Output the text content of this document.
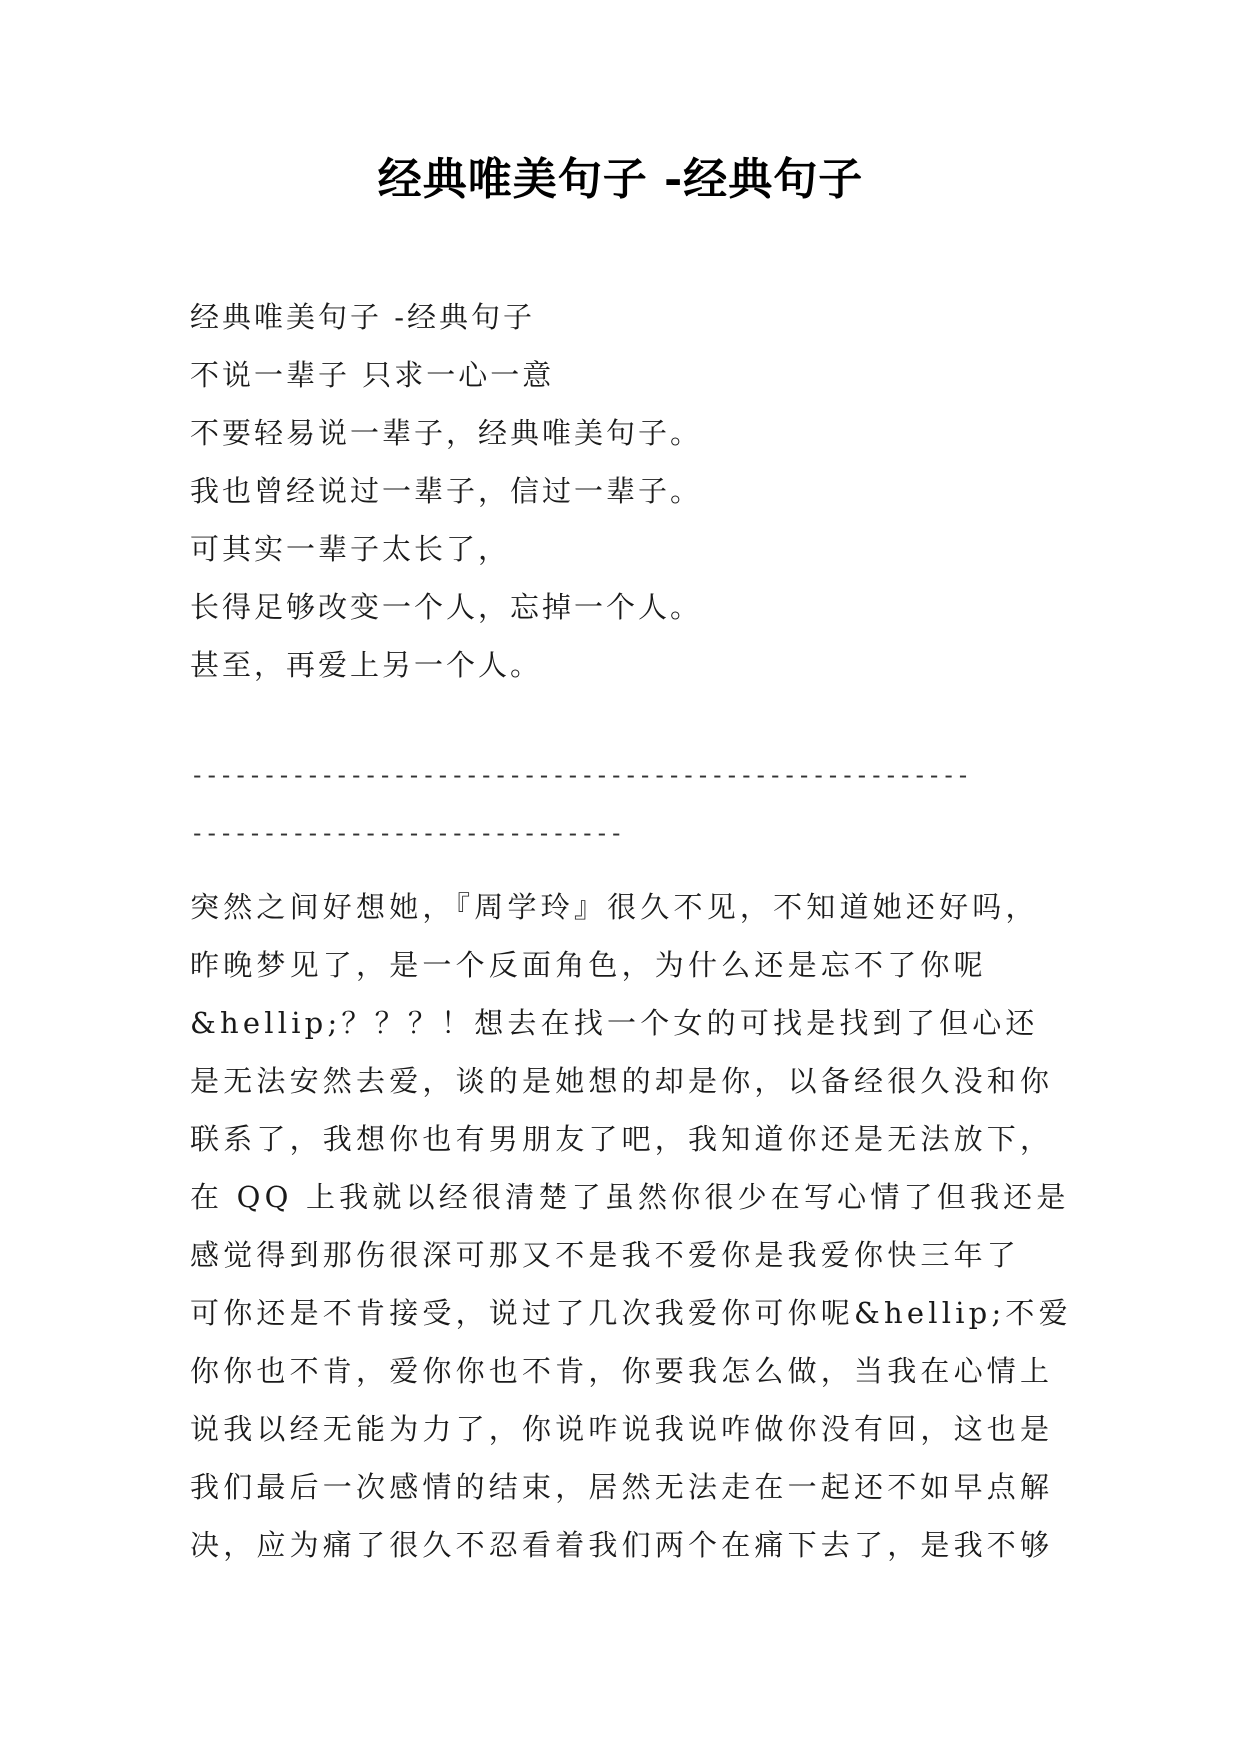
经典唯美句子 -经典句子
经典唯美句子 -经典句子
不说一辈子 只求一心一意
不要轻易说一辈子，经典唯美句子。
我也曾经说过一辈子，信过一辈子。
可其实一辈子太长了，
长得足够改变一个人，忘掉一个人。
甚至，再爱上另一个人。
------------------------------------------------------
------------------------------
突然之间好想她，『周学玲』很久不见，不知道她还好吗，
昨晚梦见了，是一个反面角色，为什么还是忘不了你呢
&hellip;？？？！想去在找一个女的可找是找到了但心还
是无法安然去爱，谈的是她想的却是你，以备经很久没和你
联系了，我想你也有男朋友了吧，我知道你还是无法放下，
在 QQ 上我就以经很清楚了虽然你很少在写心情了但我还是
感觉得到那伤很深可那又不是我不爱你是我爱你快三年了
可你还是不肯接受，说过了几次我爱你可你呢&hellip;不爱
你你也不肯，爱你你也不肯，你要我怎么做，当我在心情上
说我以经无能为力了，你说咋说我说咋做你没有回，这也是
我们最后一次感情的结束，居然无法走在一起还不如早点解
决，应为痛了很久不忍看着我们两个在痛下去了，是我不够
